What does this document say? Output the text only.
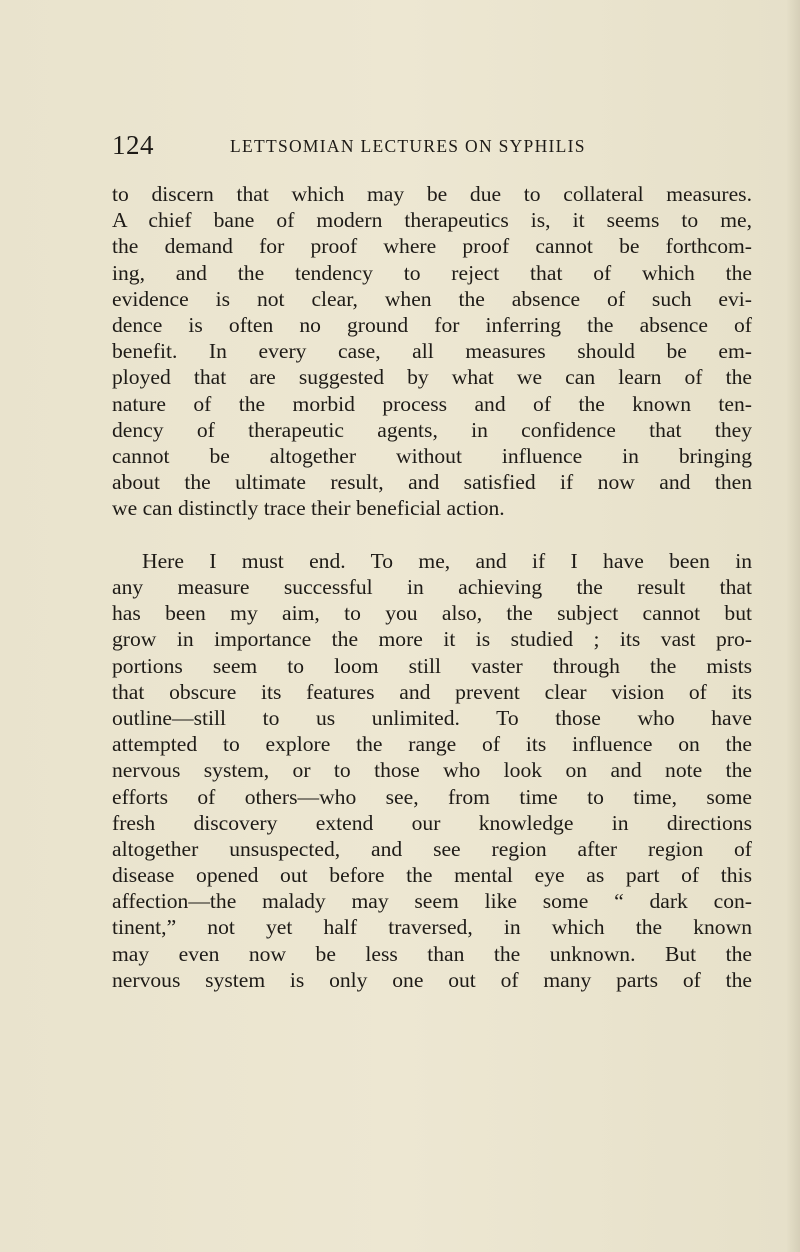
124	LETTSOMIAN LECTURES ON SYPHILIS
to discern that which may be due to collateral measures.
A chief bane of modern therapeutics is, it seems to me,
the demand for proof where proof cannot be forthcom-
ing, and the tendency to reject that of which the
evidence is not clear, when the absence of such evi-
dence is often no ground for inferring the absence of
benefit. In every case, all measures should be em-
ployed that are suggested by what we can learn of the
nature of the morbid process and of the known ten-
dency of therapeutic agents, in confidence that they
cannot be altogether without influence in bringing
about the ultimate result, and satisfied if now and then
we can distinctly trace their beneficial action.
Here I must end. To me, and if I have been in
any measure successful in achieving the result that
has been my aim, to you also, the subject cannot but
grow in importance the more it is studied ; its vast pro-
portions seem to loom still vaster through the mists
that obscure its features and prevent clear vision of its
outline—still to us unlimited. To those who have
attempted to explore the range of its influence on the
nervous system, or to those who look on and note the
efforts of others—who see, from time to time, some
fresh discovery extend our knowledge in directions
altogether unsuspected, and see region after region of
disease opened out before the mental eye as part of this
affection—the malady may seem like some “ dark con-
tinent,” not yet half traversed, in which the known
may even now be less than the unknown. But the
nervous system is only one out of many parts of the
